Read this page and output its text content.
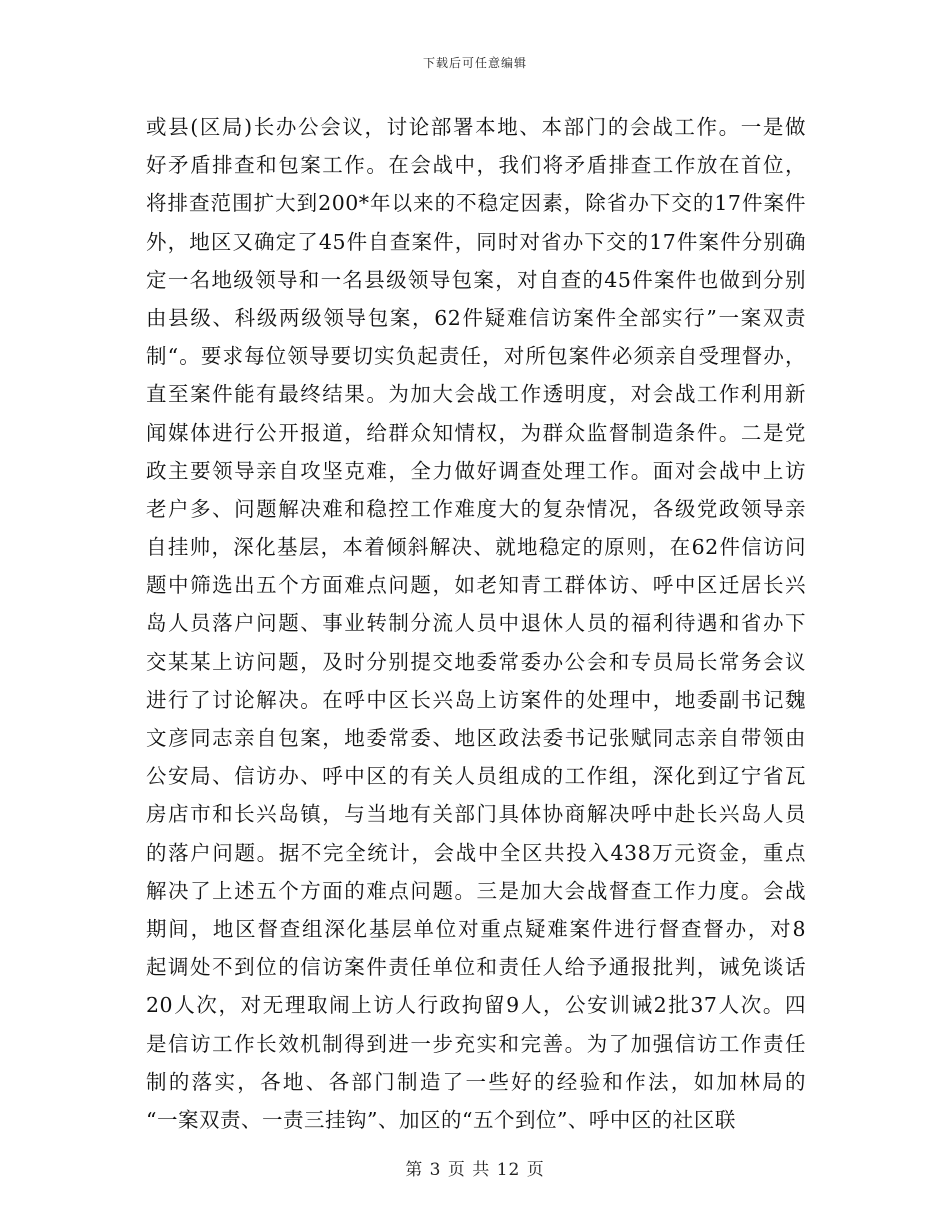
下载后可任意编辑
或县(区局)长办公会议，讨论部署本地、本部门的会战工作。一是做
好矛盾排查和包案工作。在会战中，我们将矛盾排查工作放在首位，
将排查范围扩大到200*年以来的不稳定因素，除省办下交的17件案件
外，地区又确定了45件自查案件，同时对省办下交的17件案件分别确
定一名地级领导和一名县级领导包案，对自查的45件案件也做到分别
由县级、科级两级领导包案，62件疑难信访案件全部实行”一案双责
制“。要求每位领导要切实负起责任，对所包案件必须亲自受理督办，
直至案件能有最终结果。为加大会战工作透明度，对会战工作利用新
闻媒体进行公开报道，给群众知情权，为群众监督制造条件。二是党
政主要领导亲自攻坚克难，全力做好调查处理工作。面对会战中上访
老户多、问题解决难和稳控工作难度大的复杂情况，各级党政领导亲
自挂帅，深化基层，本着倾斜解决、就地稳定的原则，在62件信访问
题中筛选出五个方面难点问题，如老知青工群体访、呼中区迁居长兴
岛人员落户问题、事业转制分流人员中退休人员的福利待遇和省办下
交某某上访问题，及时分别提交地委常委办公会和专员局长常务会议
进行了讨论解决。在呼中区长兴岛上访案件的处理中，地委副书记魏
文彦同志亲自包案，地委常委、地区政法委书记张赋同志亲自带领由
公安局、信访办、呼中区的有关人员组成的工作组，深化到辽宁省瓦
房店市和长兴岛镇，与当地有关部门具体协商解决呼中赴长兴岛人员
的落户问题。据不完全统计，会战中全区共投入438万元资金，重点
解决了上述五个方面的难点问题。三是加大会战督查工作力度。会战
期间，地区督查组深化基层单位对重点疑难案件进行督查督办，对8
起调处不到位的信访案件责任单位和责任人给予通报批判，诫免谈话
20人次，对无理取闹上访人行政拘留9人，公安训诫2批37人次。四
是信访工作长效机制得到进一步充实和完善。为了加强信访工作责任
制的落实，各地、各部门制造了一些好的经验和作法，如加林局的
“一案双责、一责三挂钩”、加区的“五个到位”、呼中区的社区联
第 3 页 共 12 页
